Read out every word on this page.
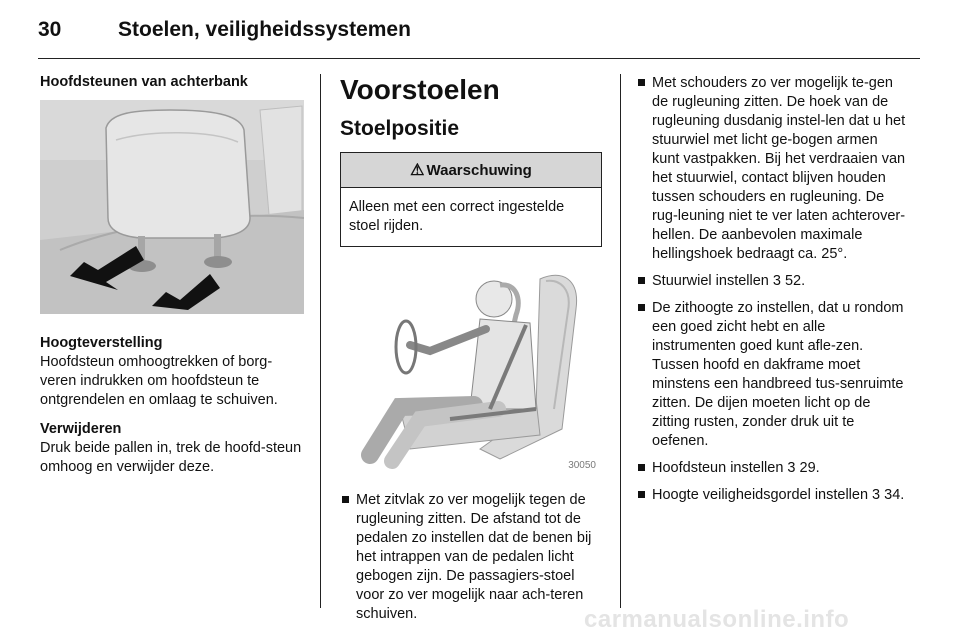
30	Stoelen, veiligheidssystemen
Hoofdsteunen van achterbank

Hoogteverstelling
Hoofdsteun omhoogtrekken of borg-veren indrukken om hoofdsteun te ontgrendelen en omlaag te schuiven.

Verwijderen
Druk beide pallen in, trek de hoofd-steun omhoog en verwijder deze.

Voorstoelen
Stoelpositie
⚠ Waarschuwing
Alleen met een correct ingestelde stoel rijden.
30050
Met zitvlak zo ver mogelijk tegen de rugleuning zitten. De afstand tot de pedalen zo instellen dat de benen bij het intrappen van de pedalen licht gebogen zijn. De passagiers-stoel voor zo ver mogelijk naar ach-teren schuiven.
Met schouders zo ver mogelijk te-gen de rugleuning zitten. De hoek van de rugleuning dusdanig instel-len dat u het stuurwiel met licht ge-bogen armen kunt vastpakken. Bij het verdraaien van het stuurwiel, contact blijven houden tussen schouders en rugleuning. De rug-leuning niet te ver laten achterover-hellen. De aanbevolen maximale hellingshoek bedraagt ca. 25°.
Stuurwiel instellen 3 52.
De zithoogte zo instellen, dat u rondom een goed zicht hebt en alle instrumenten goed kunt afle-zen. Tussen hoofd en dakframe moet minstens een handbreed tus-senruimte zitten. De dijen moeten licht op de zitting rusten, zonder druk uit te oefenen.
Hoofdsteun instellen 3 29.
Hoogte veiligheidsgordel instellen 3 34.
carmanualsonline.info
